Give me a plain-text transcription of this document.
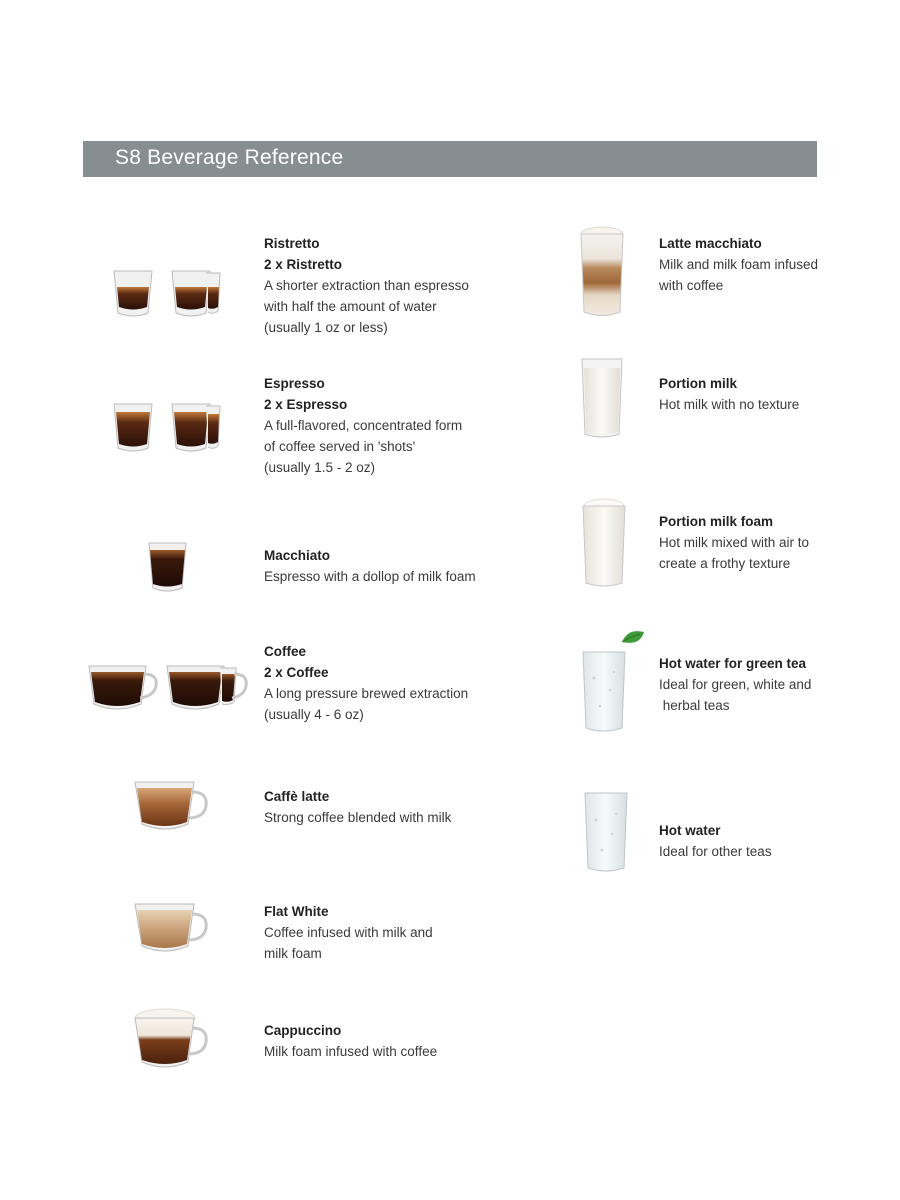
S8 Beverage Reference
Ristretto
2 x Ristretto
A shorter extraction than espresso
with half the amount of water
(usually 1 oz or less)
Espresso
2 x Espresso
A full-flavored, concentrated form
of coffee served in 'shots'
(usually 1.5 - 2 oz)
Macchiato
Espresso with a dollop of milk foam
Coffee
2 x Coffee
A long pressure brewed extraction
(usually 4 - 6 oz)
Caffè latte
Strong coffee blended with milk
Flat White
Coffee infused with milk and
milk foam
Cappuccino
Milk foam infused with coffee
Latte macchiato
Milk and milk foam infused
with coffee
Portion milk
Hot milk with no texture
Portion milk foam
Hot milk mixed with air to
create a frothy texture
Hot water for green tea
Ideal for green, white and
herbal teas
Hot water
Ideal for other teas
